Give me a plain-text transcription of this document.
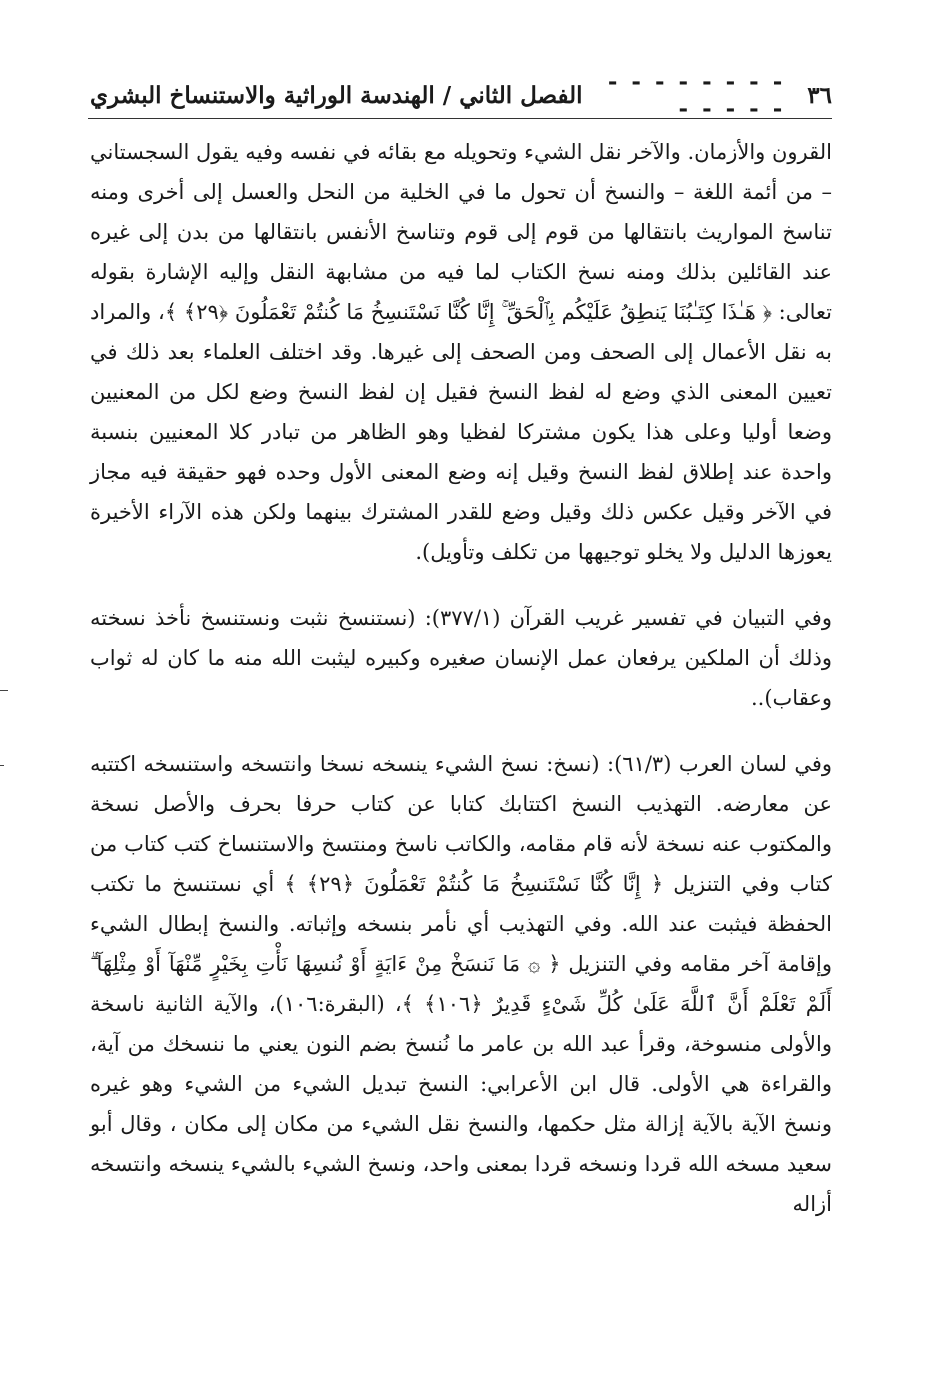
٣٦
- - - - - - - - - - - - -
الفصل الثاني / الهندسة الوراثية والاستنساخ البشري

القرون والأزمان. والآخر نقل الشيء وتحويله مع بقائه في نفسه وفيه يقول السجستاني – من أئمة اللغة – والنسخ أن تحول ما في الخلية من النحل والعسل إلى أخرى ومنه تناسخ المواريث بانتقالها من قوم إلى قوم وتناسخ الأنفس بانتقالها من بدن إلى غيره عند القائلين بذلك ومنه نسخ الكتاب لما فيه من مشابهة النقل وإليه الإشارة بقوله تعالى: ﴿ هَـٰذَا كِتَـٰبُنَا يَنطِقُ عَلَيْكُم بِٱلْحَقِّ ۚ إِنَّا كُنَّا نَسْتَنسِخُ مَا كُنتُمْ تَعْمَلُونَ ﴿٢٩﴾ ﴾، والمراد به نقل الأعمال إلى الصحف ومن الصحف إلى غيرها. وقد اختلف العلماء بعد ذلك في تعيين المعنى الذي وضع له لفظ النسخ فقيل إن لفظ النسخ وضع لكل من المعنيين وضعا أوليا وعلى هذا يكون مشتركا لفظيا وهو الظاهر من تبادر كلا المعنيين بنسبة واحدة عند إطلاق لفظ النسخ وقيل إنه وضع المعنى الأول وحده فهو حقيقة فيه مجاز في الآخر وقيل عكس ذلك وقيل وضع للقدر المشترك بينهما ولكن هذه الآراء الأخيرة يعوزها الدليل ولا يخلو توجيهها من تكلف وتأويل).

وفي التبيان في تفسير غريب القرآن (٣٧٧/١): (نستنسخ نثبت ونستنسخ نأخذ نسخته وذلك أن الملكين يرفعان عمل الإنسان صغيره وكبيره ليثبت الله منه ما كان له ثواب وعقاب)..

وفي لسان العرب (٦١/٣): (نسخ: نسخ الشيء ينسخه نسخا وانتسخه واستنسخه اكتتبه عن معارضه. التهذيب النسخ اكتتابك كتابا عن كتاب حرفا بحرف والأصل نسخة والمكتوب عنه نسخة لأنه قام مقامه، والكاتب ناسخ ومنتسخ والاستنساخ كتب كتاب من كتاب وفي التنزيل ﴿ إِنَّا كُنَّا نَسْتَنسِخُ مَا كُنتُمْ تَعْمَلُونَ ﴿٢٩﴾ ﴾ أي نستنسخ ما تكتب الحفظة فيثبت عند الله. وفي التهذيب أي نأمر بنسخه وإثباته. والنسخ إبطال الشيء وإقامة آخر مقامه وفي التنزيل ﴿ ۞ مَا نَنسَخْ مِنْ ءَايَةٍ أَوْ نُنسِهَا نَأْتِ بِخَيْرٍ مِّنْهَآ أَوْ مِثْلِهَآ ۗ أَلَمْ تَعْلَمْ أَنَّ ٱللَّهَ عَلَىٰ كُلِّ شَىْءٍ قَدِيرٌ ﴿١٠٦﴾ ﴾، (البقرة:١٠٦)، والآية الثانية ناسخة والأولى منسوخة، وقرأ عبد الله بن عامر ما نُنسخ بضم النون يعني ما ننسخك من آية، والقراءة هي الأولى. قال ابن الأعرابي: النسخ تبديل الشيء من الشيء وهو غيره ونسخ الآية بالآية إزالة مثل حكمها، والنسخ نقل الشيء من مكان إلى مكان ، وقال أبو سعيد مسخه الله قردا ونسخه قردا بمعنى واحد، ونسخ الشيء بالشيء ينسخه وانتسخه أزاله
